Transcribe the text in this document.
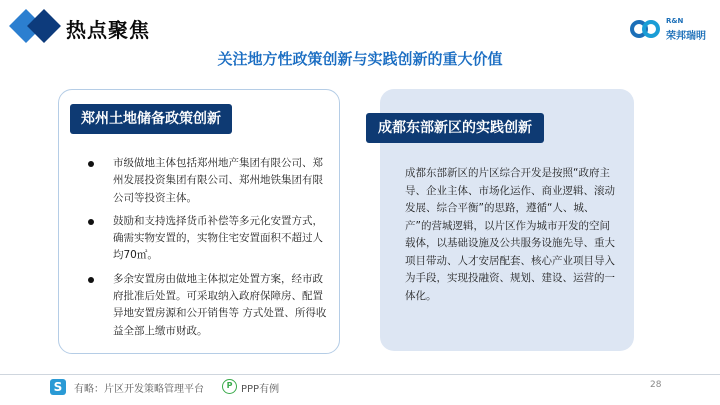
热点聚焦	R&N
荣邦瑞明
关注地方性政策创新与实践创新的重大价值
郑州土地储备政策创新
市级做地主体包括郑州地产集团有限公司、郑州发展投资集团有限公司、郑州地铁集团有限公司等投资主体。
鼓励和支持选择货币补偿等多元化安置方式，确需实物安置的，实物住宅安置面积不超过人均70㎡。
多余安置房由做地主体拟定处置方案，经市政府批准后处置。可采取纳入政府保障房、配置异地安置房源和公开销售等 方式处置、所得收益全部上缴市财政。
成都东部新区的实践创新
成都东部新区的片区综合开发是按照“政府主导、企业主体、市场化运作、商业逻辑、滚动发展、综合平衡”的思路，遵循“人、城、产”的营城逻辑，以片区作为城市开发的空间载体，以基础设施及公共服务设施先导、重大项目带动、人才安居配套、核心产业项目导入为手段，实现投融资、规划、建设、运营的一体化。
S	有略：片区开发策略管理平台	P PPP有例	28
